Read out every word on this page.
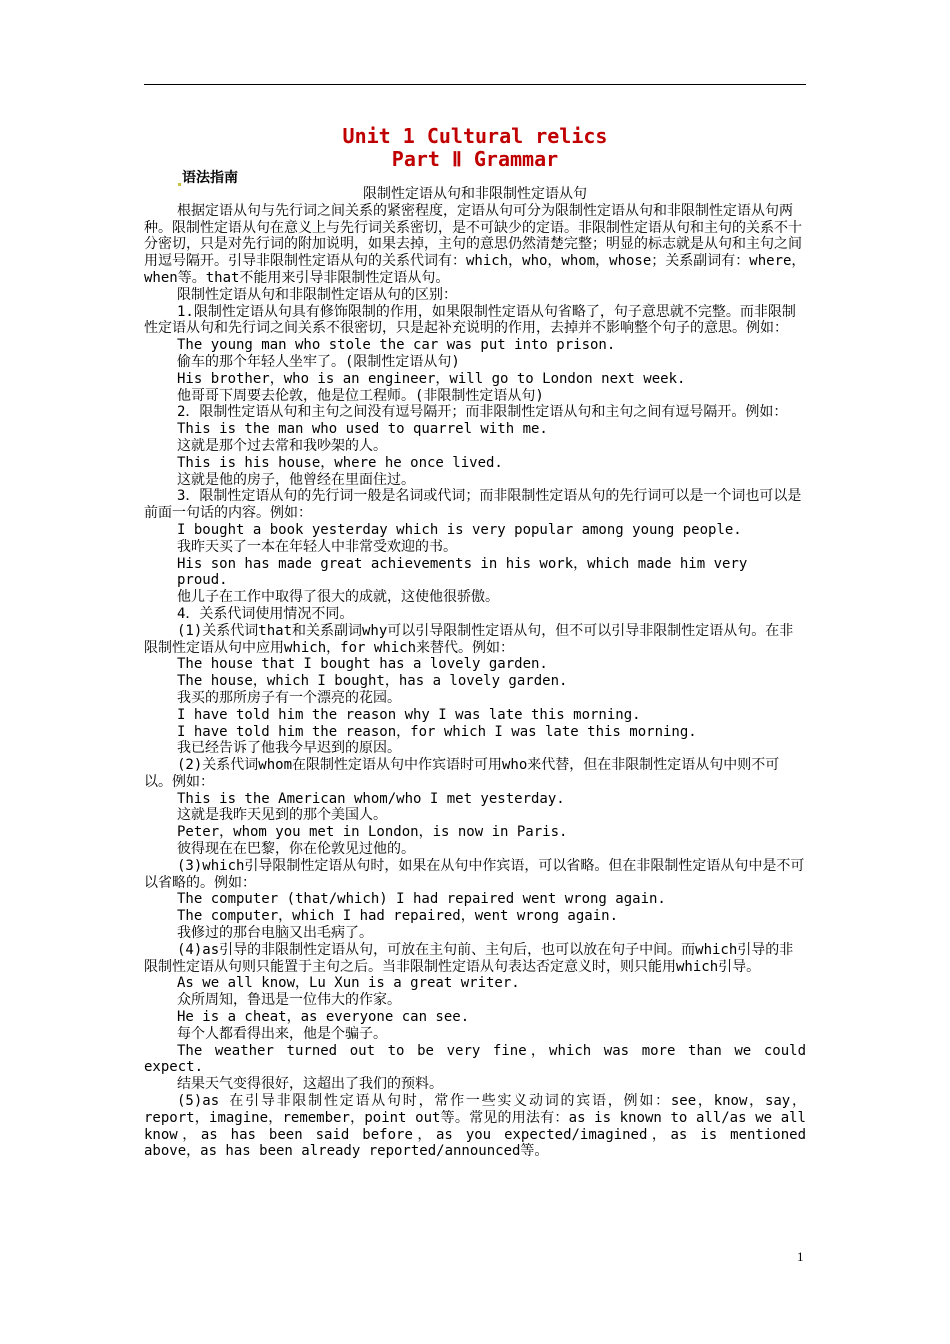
Unit 1 Cultural relics
Part Ⅱ Grammar
语法指南

限制性定语从句和非限制性定语从句

根据定语从句与先行词之间关系的紧密程度，定语从句可分为限制性定语从句和非限制性定语从句两种。限制性定语从句在意义上与先行词关系密切，是不可缺少的定语。非限制性定语从句和主句的关系不十分密切，只是对先行词的附加说明，如果去掉，主句的意思仍然清楚完整；明显的标志就是从句和主句之间用逗号隔开。引导非限制性定语从句的关系代词有：which，who，whom，whose；关系副词有：where，when等。that不能用来引导非限制性定语从句。

限制性定语从句和非限制性定语从句的区别：

1.限制性定语从句具有修饰限制的作用，如果限制性定语从句省略了，句子意思就不完整。而非限制性定语从句和先行词之间关系不很密切，只是起补充说明的作用，去掉并不影响整个句子的意思。例如：

The young man who stole the car was put into prison.

偷车的那个年轻人坐牢了。(限制性定语从句)

His brother，who is an engineer，will go to London next week.

他哥哥下周要去伦敦，他是位工程师。(非限制性定语从句)

2．限制性定语从句和主句之间没有逗号隔开；而非限制性定语从句和主句之间有逗号隔开。例如：

This is the man who used to quarrel with me.

这就是那个过去常和我吵架的人。

This is his house，where he once lived.

这就是他的房子，他曾经在里面住过。

3．限制性定语从句的先行词一般是名词或代词；而非限制性定语从句的先行词可以是一个词也可以是前面一句话的内容。例如：

I bought a book yesterday which is very popular among young people.

我昨天买了一本在年轻人中非常受欢迎的书。

His son has made great achievements in his work，which made him very proud.

他儿子在工作中取得了很大的成就，这使他很骄傲。

4．关系代词使用情况不同。

(1)关系代词that和关系副词why可以引导限制性定语从句，但不可以引导非限制性定语从句。在非限制性定语从句中应用which，for which来替代。例如：

The house that I bought has a lovely garden.

The house，which I bought，has a lovely garden.

我买的那所房子有一个漂亮的花园。

I have told him the reason why I was late this morning.

I have told him the reason，for which I was late this morning.

我已经告诉了他我今早迟到的原因。

(2)关系代词whom在限制性定语从句中作宾语时可用who来代替，但在非限制性定语从句中则不可以。例如：

This is the American whom/who I met yesterday.

这就是我昨天见到的那个美国人。

Peter，whom you met in London，is now in Paris.

彼得现在在巴黎，你在伦敦见过他的。

(3)which引导限制性定语从句时，如果在从句中作宾语，可以省略。但在非限制性定语从句中是不可以省略的。例如：

The computer (that/which) I had repaired went wrong again.

The computer，which I had repaired，went wrong again.

我修过的那台电脑又出毛病了。

(4)as引导的非限制性定语从句，可放在主句前、主句后，也可以放在句子中间。而which引导的非限制性定语从句则只能置于主句之后。当非限制性定语从句表达否定意义时，则只能用which引导。

As we all know，Lu Xun is a great writer.

众所周知，鲁迅是一位伟大的作家。

He is a cheat，as everyone can see.

每个人都看得出来，他是个骗子。

The weather turned out to be very fine，which was more than we could expect.

结果天气变得很好，这超出了我们的预料。

(5)as 在引导非限制性定语从句时，常作一些实义动词的宾语，例如：see，know，say，report，imagine，remember，point out等。常见的用法有：as is known to all/as we all know，as has been said before，as you expected/imagined，as is mentioned above，as has been already reported/announced等。

1
